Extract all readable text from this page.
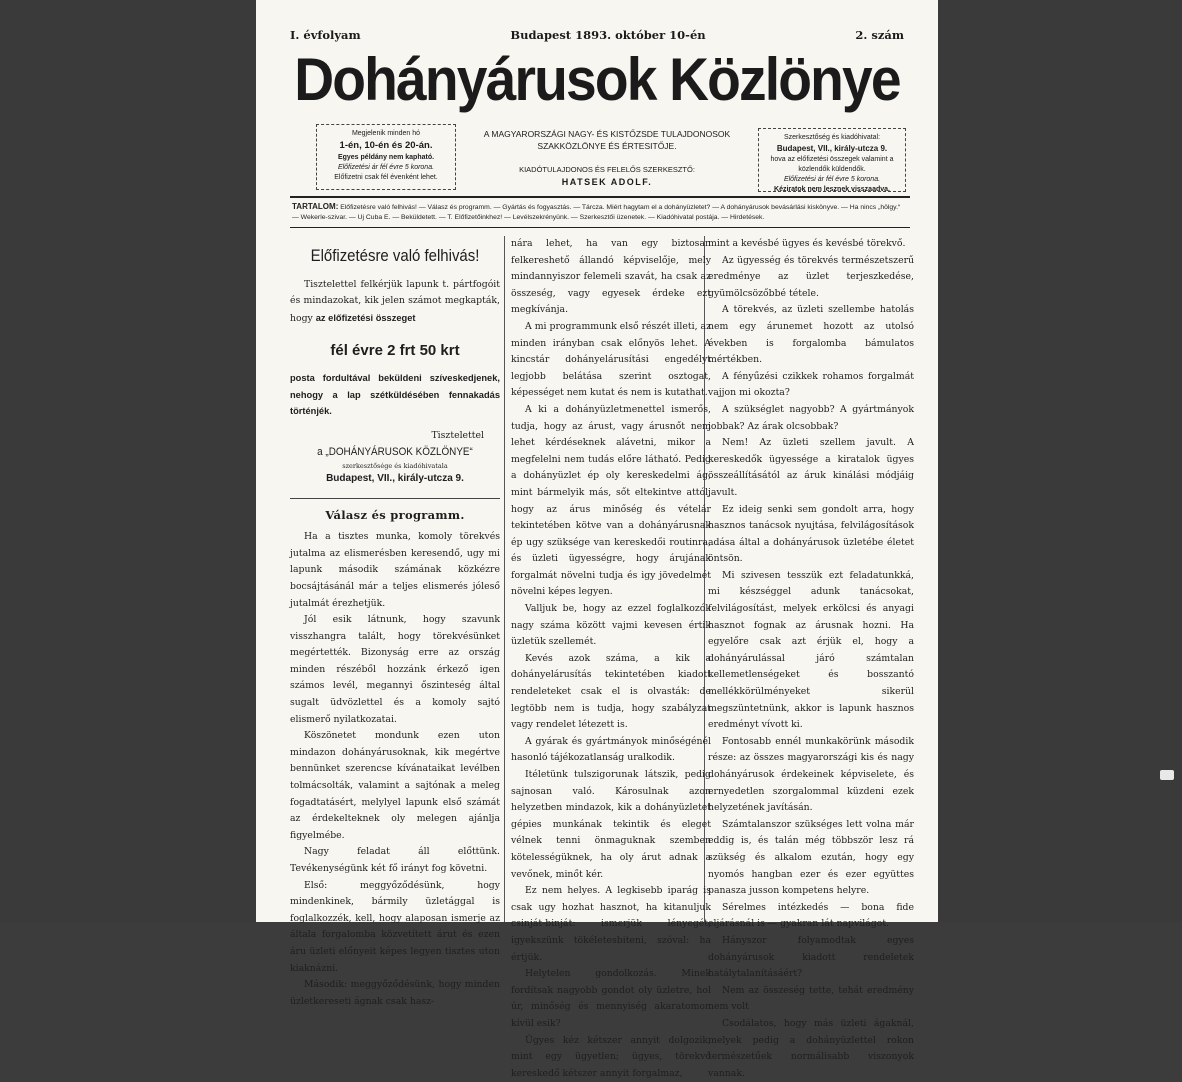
I. évfolyam	Budapest 1893. október 10-én	2. szám
Dohányárusok Közlönye
Megjelenik minden hó
1-én, 10-én és 20-án.
Egyes példány nem kapható.
Előfizetési ár fél évre 5 korona.
Előfizetni csak fél évenként lehet.
A MAGYARORSZÁGI NAGY- ÉS KISTŐZSDE TULAJDONOSOK
SZAKKÖZLÖNYE ÉS ÉRTESITŐJE.
KIADÓTULAJDONOS ÉS FELELŐS SZERKESZTŐ:
HATSEK ADOLF.
Szerkesztőség és kiadóhivatal:
Budapest, VII., király-utcza 9.
hova az előfizetési összegek valamint a közlendők küldendők.
Előfizetési ár fél évre 5 korona.
Kéziratok nem lesznek visszaadva.
TARTALOM: Előfizetésre való felhivás! — Válasz és programm. — Gyártás és fogyasztás. — Tárcza. Miért hagytam el a dohányüzletet? — A dohányárusok bevásárlási kiskönyve. — Ha nincs „hölgy.“ — Wekerle-szivar. — Uj Cuba E. — Beküldetett. — T. Előfizetőinkhez! — Levélszekrényünk. — Szerkesztői üzenetek. — Kiadóhivatal postája. — Hirdetések.
Előfizetésre való felhivás!

Tisztelettel felkérjük lapunk t. pártfogóit és mindazokat, kik jelen számot megkapták, hogy az előfizetési összeget

fél évre 2 frt 50 krt

posta fordultával beküldeni szíveskedjenek, nehogy a lap szétküldésében fennakadás történjék.

Tisztelettel
a „DOHÁNYÁRUSOK KÖZLÖNYE“
szerkesztősége és kiadóhivatala
Budapest, VII., király-utcza 9.
Válasz és programm.

Ha a tisztes munka, komoly törekvés jutalma az elismerésben keresendő, ugy mi lapunk második számának közkézre bocsájtásánál már a teljes elismerés jóleső jutalmát érezhetjük.

Jól esik látnunk, hogy szavunk visszhangra talált, hogy törekvésünket megértették. Bizonyság erre az ország minden részéből hozzánk érkező igen számos levél, megannyi őszinteség által sugalt üdvözlettel és a komoly sajtó elismerő nyilatkozatai.

Köszönetet mondunk ezen uton mindazon dohányárusoknak, kik megértve bennünket szerencse kívánataikat levélben tolmácsolták, valamint a sajtónak a meleg fogadtatásért, melylyel lapunk első számát az érdekelteknek oly melegen ajánlja figyelmébe.

Nagy feladat áll előttünk. Tevékenységünk két fő irányt fog követni.

Első: meggyőződésünk, hogy mindenkinek, bármily üzletággal is foglalkozzék, kell, hogy alaposan ismerje az általa forgalomba közvetített árut és ezen áru üzleti előnyeit képes legyen tisztes uton kiaknázni.

Második: meggyőződésünk, hogy minden üzletkereseti ágnak csak hasz-

nára lehet, ha van egy biztosan felkereshető állandó képviselője, mely mindannyiszor felemeli szavát, ha csak az összeség, vagy egyesek érdeke ezt megkívánja.

A mi programmunk első részét illeti, az minden irányban csak előnyös lehet. A kincstár dohányelárusítási engedélyt legjobb belátása szerint osztogat, képességet nem kutat és nem is kutathat.

A ki a dohányüzletmenettel ismerős, tudja, hogy az árust, vagy árusnőt nem lehet kérdéseknek alávetni, mikor a megfelelni nem tudás előre látható. Pedig a dohányüzlet ép oly kereskedelmi ág, mint bármelyik más, sőt eltekintve attól, hogy az árus minőség és vételár tekintetében kötve van a dohányárusnak ép ugy szüksége van kereskedői routinra, és üzleti ügyességre, hogy árujának forgalmát növelni tudja és igy jövedelmét növelni képes legyen.

Valljuk be, hogy az ezzel foglalkozók nagy száma között vajmi kevesen értik üzletük szellemét.

Kevés azok száma, a kik a dohányelárusítás tekintetében kiadott rendeleteket csak el is olvasták: de legtöbb nem is tudja, hogy szabályzat vagy rendelet létezett is.

A gyárak és gyártmányok minőségénél hasonló tájékozatlanság uralkodik.

Itéletünk tulszigorunak látszik, pedig sajnosan való. Károsulnak azon helyzetben mindazok, kik a dohányüzletet gépies munkának tekintik és eleget vélnek tenni önmaguknak szemben kötelességüknek, ha oly árut adnak a vevőnek, minőt kér.

Ez nem helyes. A legkisebb iparág is csak ugy hozhat hasznot, ha kitanuljuk csinját-binját: ismerjük lényegét, igyekszünk tökéletesbiteni, szóval: ha értjük.

Helytelen gondolkozás. Minek fordítsak nagyobb gondot oly üzletre, hol úr, minőség és mennyiség akaratomon kívül esik?

Ügyes kéz kétszer annyit dolgozik, mint egy ügyetlen; ügyes, törekvő kereskedő kétszer annyit forgalmaz,

mint a kevésbé ügyes és kevésbé törekvő.

Az ügyesség és törekvés természetszerű eredménye az üzlet terjeszkedése, gyümölcsözőbbé tétele.

A törekvés, az üzleti szellembe hatolás nem egy árunemet hozott az utolsó években is forgalomba bámulatos mértékben.

A fényűzési czikkek rohamos forgalmát vajjon mi okozta?

A szükséglet nagyobb? A gyártmányok jobbak? Az árak olcsobbak?

Nem! Az üzleti szellem javult. A kereskedők ügyessége a kiratalok ügyes összeállításától az áruk kinálási módjáig javult.

Ez ideig senki sem gondolt arra, hogy hasznos tanácsok nyujtása, felvilágosítások adása által a dohányárusok üzletébe életet öntsön.

Mi szivesen tesszük ezt feladatunkká, mi készséggel adunk tanácsokat, felvilágosítást, melyek erkölcsi és anyagi hasznot fognak az árusnak hozni. Ha egyelőre csak azt érjük el, hogy a dohányárulással járó számtalan kellemetlenségeket és bosszantó mellékkörülményeket sikerül megszüntetnünk, akkor is lapunk hasznos eredményt vívott ki.

Fontosabb ennél munkakörünk második része: az összes magyarországi kis és nagy dohányárusok érdekeinek képviselete, és ernyedetlen szorgalommal küzdeni ezek helyzetének javításán.

Számtalanszor szükséges lett volna már eddig is, és talán még többször lesz rá szükség és alkalom ezután, hogy egy nyomós hangban ezer és ezer együttes panasza jusson kompetens helyre.

Sérelmes intézkedés — bona fide eljárásnál is — gyakran lát napvilágot.

Hányszor folyamodtak egyes dohányárusok kiadott rendeletek hatálytalanításáért?

Nem az összeség tette, tehát eredmény nem volt

Csodálatos, hogy más üzleti ágaknál, melyek pedig a dohányüzlettel rokon természetűek normálisabb viszonyok vannak.
